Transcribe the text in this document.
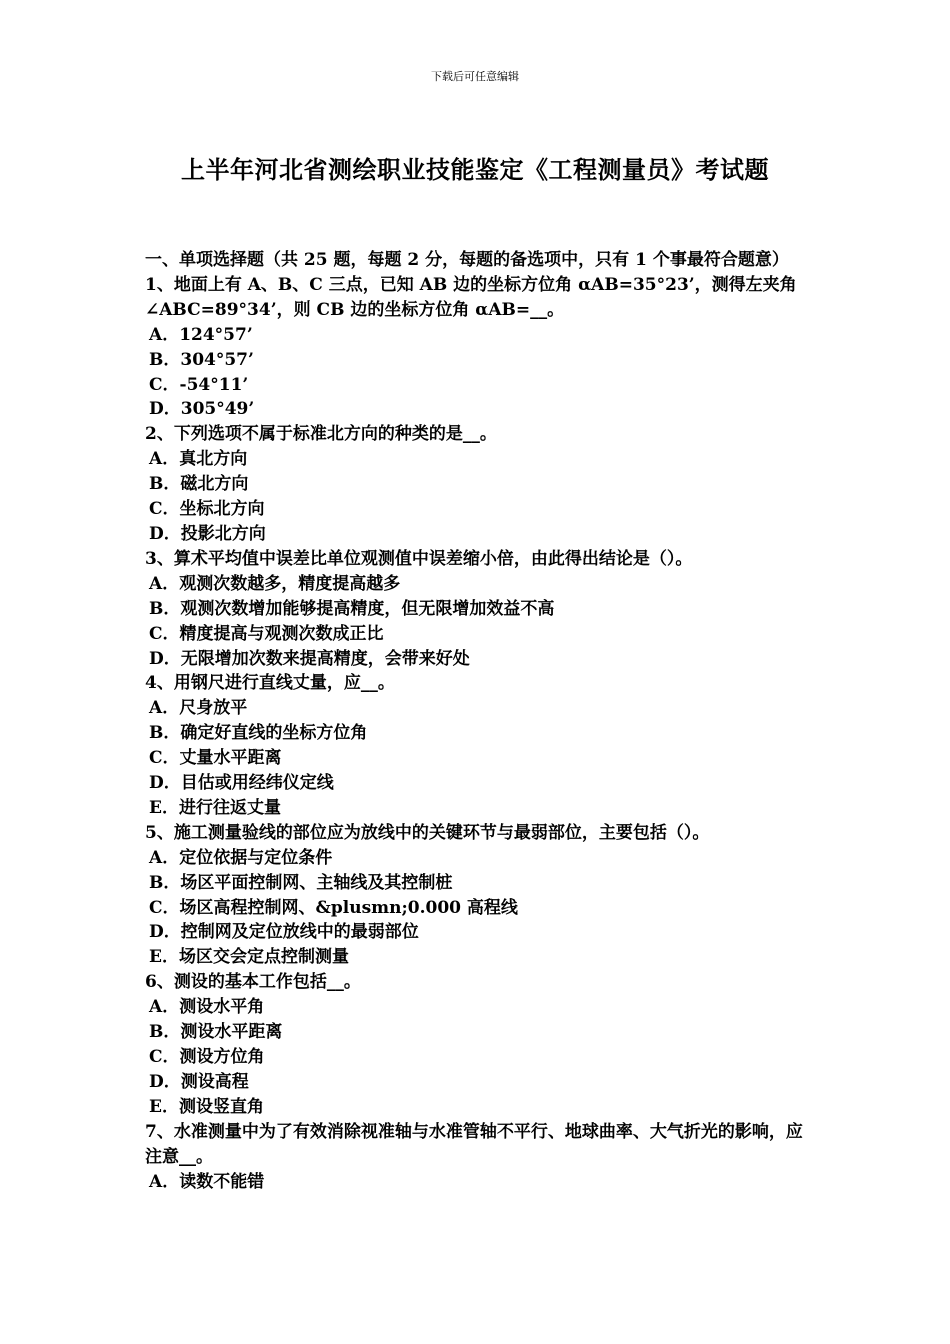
下载后可任意编辑
上半年河北省测绘职业技能鉴定《工程测量员》考试题
一、单项选择题（共 25 题，每题 2 分，每题的备选项中，只有 1 个事最符合题意）
1、地面上有 A、B、C 三点，已知 AB 边的坐标方位角 αAB=35°23’，测得左夹角∠ABC=89°34’，则 CB 边的坐标方位角 αAB=__。
A．124°57’
B．304°57’
C．-54°11’
D．305°49’
2、下列选项不属于标准北方向的种类的是__。
A．真北方向
B．磁北方向
C．坐标北方向
D．投影北方向
3、算术平均值中误差比单位观测值中误差缩小倍，由此得出结论是（）。
A．观测次数越多，精度提高越多
B．观测次数增加能够提高精度，但无限增加效益不高
C．精度提高与观测次数成正比
D．无限增加次数来提高精度，会带来好处
4、用钢尺进行直线丈量，应__。
A．尺身放平
B．确定好直线的坐标方位角
C．丈量水平距离
D．目估或用经纬仪定线
E．进行往返丈量
5、施工测量验线的部位应为放线中的关键环节与最弱部位，主要包括（）。
A．定位依据与定位条件
B．场区平面控制网、主轴线及其控制桩
C．场区高程控制网、&plusmn;0.000 高程线
D．控制网及定位放线中的最弱部位
E．场区交会定点控制测量
6、测设的基本工作包括__。
A．测设水平角
B．测设水平距离
C．测设方位角
D．测设高程
E．测设竖直角
7、水准测量中为了有效消除视准轴与水准管轴不平行、地球曲率、大气折光的影响，应注意__。
A．读数不能错
